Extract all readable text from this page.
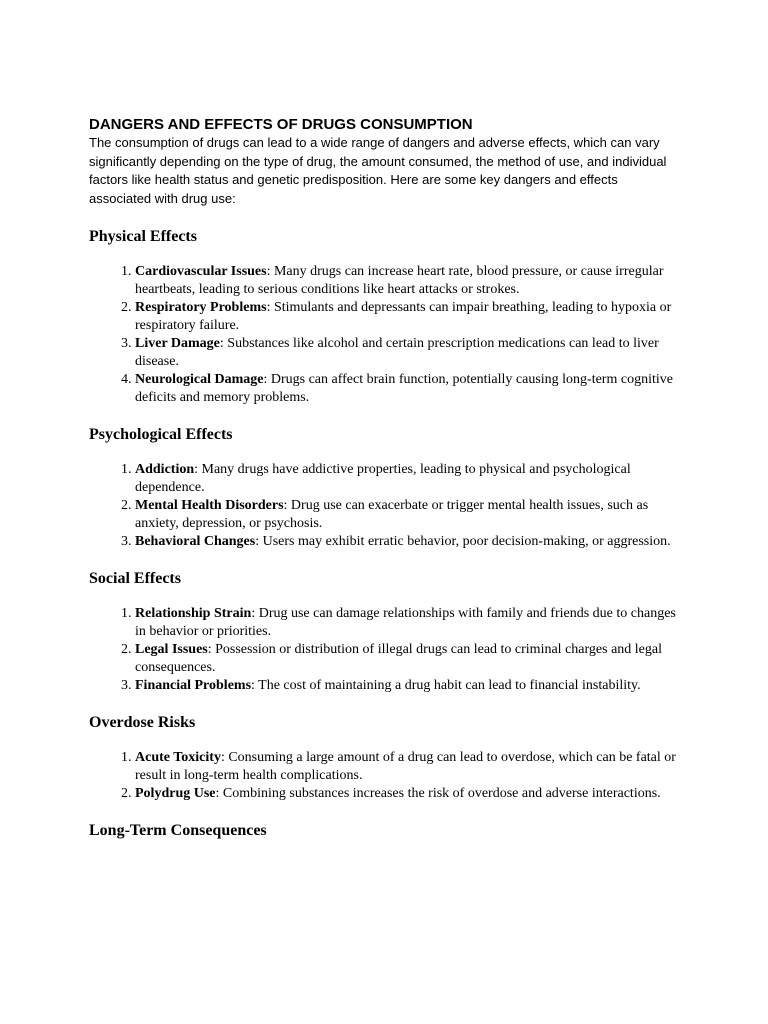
DANGERS AND EFFECTS OF DRUGS CONSUMPTION

The consumption of drugs can lead to a wide range of dangers and adverse effects, which can vary significantly depending on the type of drug, the amount consumed, the method of use, and individual factors like health status and genetic predisposition. Here are some key dangers and effects associated with drug use:

Physical Effects
1. Cardiovascular Issues: Many drugs can increase heart rate, blood pressure, or cause irregular heartbeats, leading to serious conditions like heart attacks or strokes.
2. Respiratory Problems: Stimulants and depressants can impair breathing, leading to hypoxia or respiratory failure.
3. Liver Damage: Substances like alcohol and certain prescription medications can lead to liver disease.
4. Neurological Damage: Drugs can affect brain function, potentially causing long-term cognitive deficits and memory problems.
Psychological Effects
1. Addiction: Many drugs have addictive properties, leading to physical and psychological dependence.
2. Mental Health Disorders: Drug use can exacerbate or trigger mental health issues, such as anxiety, depression, or psychosis.
3. Behavioral Changes: Users may exhibit erratic behavior, poor decision-making, or aggression.
Social Effects
1. Relationship Strain: Drug use can damage relationships with family and friends due to changes in behavior or priorities.
2. Legal Issues: Possession or distribution of illegal drugs can lead to criminal charges and legal consequences.
3. Financial Problems: The cost of maintaining a drug habit can lead to financial instability.
Overdose Risks
1. Acute Toxicity: Consuming a large amount of a drug can lead to overdose, which can be fatal or result in long-term health complications.
2. Polydrug Use: Combining substances increases the risk of overdose and adverse interactions.
Long-Term Consequences
